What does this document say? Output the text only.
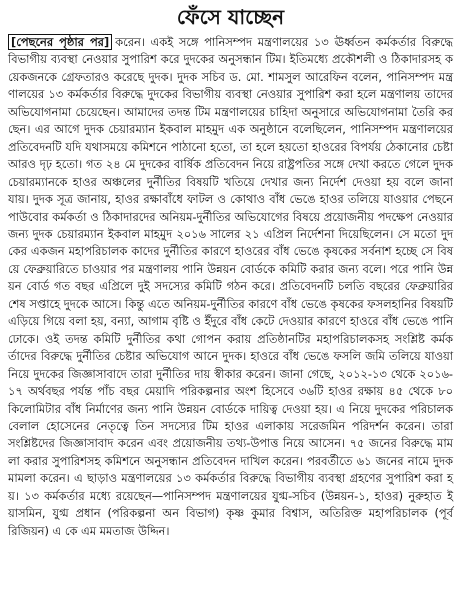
ফেঁসে যাচ্ছেন
[পেছনের পৃষ্ঠার পর] করেন। একই সঙ্গে পানিসম্পদ মন্ত্রণালয়ের ১৩ ঊর্ধ্বতন কর্মকর্তার বিরুদ্ধে বিভাগীয় ব্যবস্থা নেওয়ার সুপারিশ করে দুদকের অনুসন্ধান টিম। ইতিমধ্যে প্রকৌশলী ও ঠিকাদারসহ কয়েকজনকে গ্রেফতারও করেছে দুদক। দুদক সচিব ড. মো. শামসুল আরেফিন বলেন, পানিসম্পদ মন্ত্রণালয়ের ১৩ কর্মকর্তার বিরুদ্ধে দুদকের বিভাগীয় ব্যবস্থা নেওয়ার সুপারিশ করা হলে মন্ত্রণালয় তাদের অভিযোগনামা চেয়েছেন। আমাদের তদন্ত টিম মন্ত্রণালয়ের চাহিদা অনুসারে অভিযোগনামা তৈরি করছেন। এর আগে দুদক চেয়ারম্যান ইকবাল মাহমুদ এক অনুষ্ঠানে বলেছিলেন, পানিসম্পদ মন্ত্রণালয়ের প্রতিবেদনটি যদি যথাসময়ে কমিশনে পাঠানো হতো, তা হলে হয়তো হাওরের বিপর্যয় ঠেকানোর চেষ্টা আরও দৃঢ় হতো। গত ২৪ মে দুদকের বার্ষিক প্রতিবেদন নিয়ে রাষ্ট্রপতির সঙ্গে দেখা করতে গেলে দুদক চেয়ারম্যানকে হাওর অঞ্চলের দুর্নীতির বিষয়টি খতিয়ে দেখার জন্য নির্দেশ দেওয়া হয় বলে জানা যায়। দুদক সূত্র জানায়, হাওর রক্ষাবাঁধে ফাটল ও কোথাও বাঁধ ভেঙে হাওর তলিয়ে যাওয়ার পেছনে পাউবোর কর্মকর্তা ও ঠিকাদারদের অনিয়ম-দুর্নীতির অভিযোগের বিষয়ে প্রয়োজনীয় পদক্ষেপ নেওয়ার জন্য দুদক চেয়ারম্যান ইকবাল মাহমুদ ২০১৬ সালের ২১ এপ্রিল নির্দেশনা দিয়েছিলেন। সে মতো দুদকের একজন মহাপরিচালক কাদের দুর্নীতির কারণে হাওরের বাঁধ ভেঙে কৃষকের সর্বনাশ হচ্ছে সে বিষয়ে ফেব্রুয়ারিতে চাওয়ার পর মন্ত্রণালয় পানি উন্নয়ন বোর্ডকে কমিটি করার জন্য বলে। পরে পানি উন্নয়ন বোর্ড গত বছর এপ্রিলে দুই সদস্যের কমিটি গঠন করে। প্রতিবেদনটি চলতি বছরের ফেব্রুয়ারির শেষ সপ্তাহে দুদকে আসে। কিন্তু এতে অনিয়ম-দুর্নীতির কারণে বাঁধ ভেঙে কৃষকের ফসলহানির বিষয়টি এড়িয়ে গিয়ে বলা হয়, বন্যা, আগাম বৃষ্টি ও ইঁদুরে বাঁধ কেটে দেওয়ার কারণে হাওরে বাঁধ ভেঙে পানি ঢোকে। ওই তদন্ত কমিটি দুর্নীতির কথা গোপন করায় প্রতিষ্ঠানটির মহাপরিচালকসহ সংশ্লিষ্ট কর্মকর্তাদের বিরুদ্ধে দুর্নীতির চেষ্টার অভিযোগ আনে দুদক। হাওরে বাঁধ ভেঙে ফসলি জমি তলিয়ে যাওয়া নিয়ে দুদকের জিজ্ঞাসাবাদে তারা দুর্নীতির দায় স্বীকার করেন। জানা গেছে, ২০১২-১৩ থেকে ২০১৬-১৭ অর্থবছর পর্যন্ত পাঁচ বছর মেয়াদি পরিকল্পনার অংশ হিসেবে ৩৬টি হাওর রক্ষায় ৪৫ থেকে ৮০ কিলোমিটার বাঁধ নির্মাণের জন্য পানি উন্নয়ন বোর্ডকে দায়িত্ব দেওয়া হয়। এ নিয়ে দুদকের পরিচালক বেলাল হোসেনের নেতৃত্বে তিন সদস্যের টিম হাওর এলাকায় সরেজমিন পরিদর্শন করেন। তারা সংশ্লিষ্টদের জিজ্ঞাসাবাদ করেন এবং প্রয়োজনীয় তথ্য-উপাত্ত নিয়ে আসেন। ৭৫ জনের বিরুদ্ধে মামলা করার সুপারিশসহ কমিশনে অনুসন্ধান প্রতিবেদন দাখিল করেন। পরবর্তীতে ৬১ জনের নামে দুদক মামলা করেন। এ ছাড়াও মন্ত্রণালয়ের ১৩ কর্মকর্তার বিরুদ্ধে বিভাগীয় ব্যবস্থা গ্রহণের সুপারিশ করা হয়। ১৩ কর্মকর্তার মধ্যে রয়েছেন—পানিসম্পদ মন্ত্রণালয়ের যুগ্ম-সচিব (উন্নয়ন-১, হাওর) নুরুহাত ইয়াসমিন, যুগ্ম প্রধান (পরিকল্পনা অন বিভাগ) কৃষ্ণ কুমার বিশ্বাস, অতিরিক্ত মহাপরিচালক (পূর্ব রিজিয়ন) এ কে এম মমতাজ উদ্দিন।
